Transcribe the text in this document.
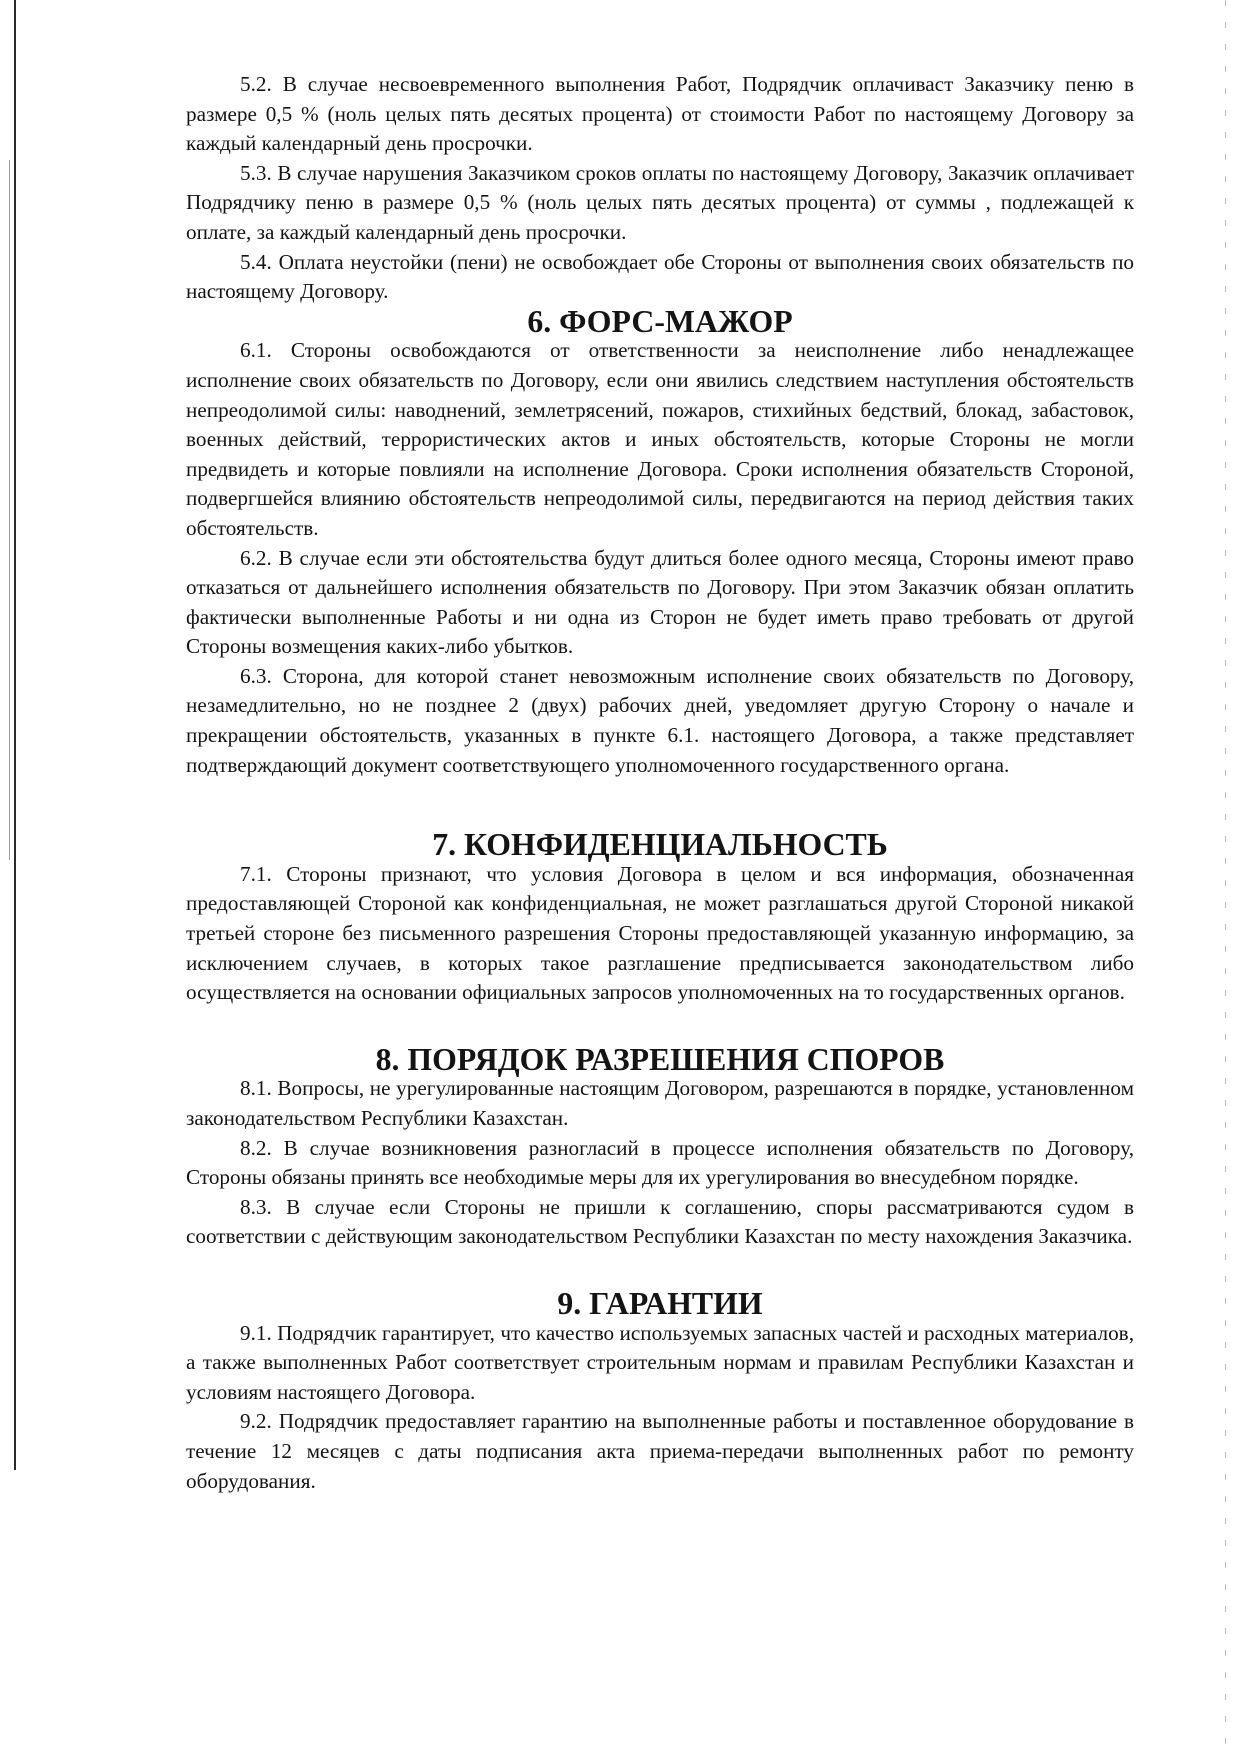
5.2. В случае несвоевременного выполнения Работ, Подрядчик оплачиваст Заказчику пеню в размере 0,5 % (ноль целых пять десятых процента) от стоимости Работ по настоящему Договору за каждый календарный день просрочки.

5.3. В случае нарушения Заказчиком сроков оплаты по настоящему Договору, Заказчик оплачивает Подрядчику пеню в размере 0,5 % (ноль целых пять десятых процента) от суммы , подлежащей к оплате, за каждый календарный день просрочки.

5.4. Оплата неустойки (пени) не освобождает обе Стороны от выполнения своих обязательств по настоящему Договору.

6. ФОРС-МАЖОР

6.1. Стороны освобождаются от ответственности за неисполнение либо ненадлежащее исполнение своих обязательств по Договору, если они явились следствием наступления обстоятельств непреодолимой силы: наводнений, землетрясений, пожаров, стихийных бедствий, блокад, забастовок, военных действий, террористических актов и иных обстоятельств, которые Стороны не могли предвидеть и которые повлияли на исполнение Договора. Сроки исполнения обязательств Стороной, подвергшейся влиянию обстоятельств непреодолимой силы, передвигаются на период действия таких обстоятельств.

6.2. В случае если эти обстоятельства будут длиться более одного месяца, Стороны имеют право отказаться от дальнейшего исполнения обязательств по Договору. При этом Заказчик обязан оплатить фактически выполненные Работы и ни одна из Сторон не будет иметь право требовать от другой Стороны возмещения каких-либо убытков.

6.3. Сторона, для которой станет невозможным исполнение своих обязательств по Договору, незамедлительно, но не позднее 2 (двух) рабочих дней, уведомляет другую Сторону о начале и прекращении обстоятельств, указанных в пункте 6.1. настоящего Договора, а также представляет подтверждающий документ соответствующего уполномоченного государственного органа.

7. КОНФИДЕНЦИАЛЬНОСТЬ

7.1. Стороны признают, что условия Договора в целом и вся информация, обозначенная предоставляющей Стороной как конфиденциальная, не может разглашаться другой Стороной никакой третьей стороне без письменного разрешения Стороны предоставляющей указанную информацию, за исключением случаев, в которых такое разглашение предписывается законодательством либо осуществляется на основании официальных запросов уполномоченных на то государственных органов.

8. ПОРЯДОК РАЗРЕШЕНИЯ СПОРОВ

8.1. Вопросы, не урегулированные настоящим Договором, разрешаются в порядке, установленном законодательством Республики Казахстан.

8.2. В случае возникновения разногласий в процессе исполнения обязательств по Договору, Стороны обязаны принять все необходимые меры для их урегулирования во внесудебном порядке.

8.3. В случае если Стороны не пришли к соглашению, споры рассматриваются судом в соответствии с действующим законодательством Республики Казахстан по месту нахождения Заказчика.

9. ГАРАНТИИ

9.1. Подрядчик гарантирует, что качество используемых запасных частей и расходных материалов, а также выполненных Работ соответствует строительным нормам и правилам Республики Казахстан и условиям настоящего Договора.

9.2. Подрядчик предоставляет гарантию на выполненные работы и поставленное оборудование в течение 12 месяцев с даты подписания акта приема-передачи выполненных работ по ремонту оборудования.
